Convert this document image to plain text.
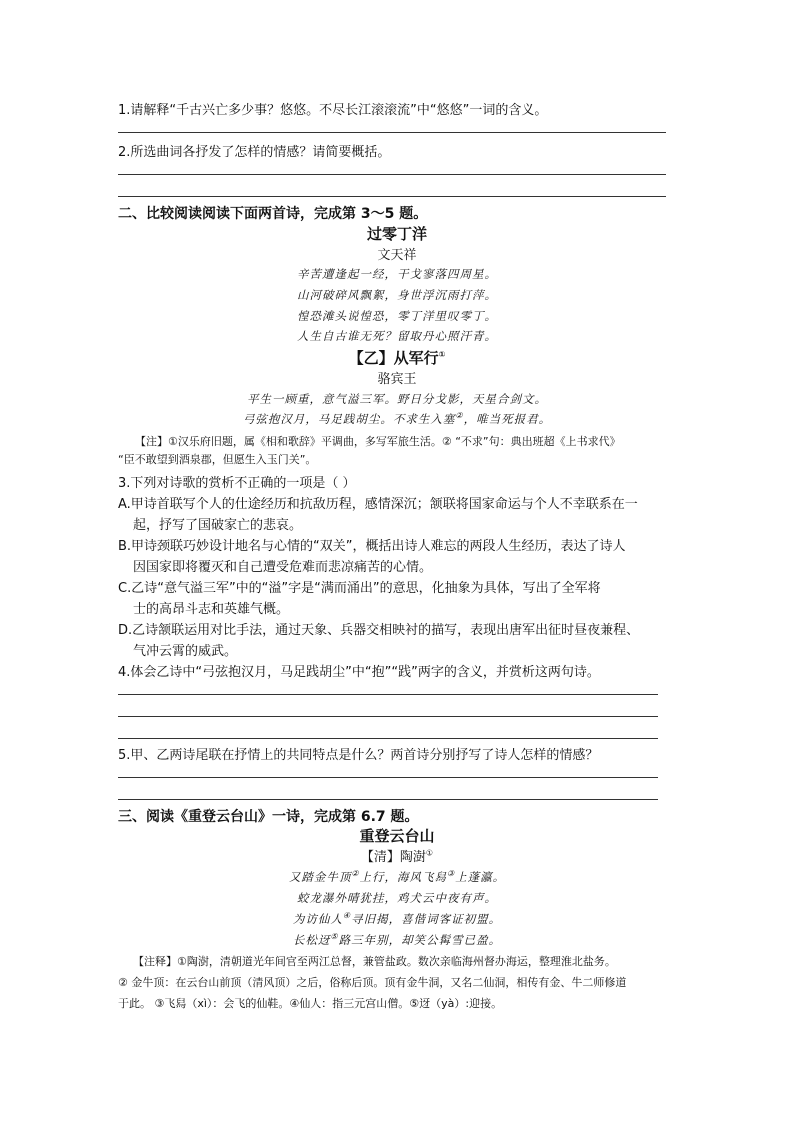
1.请解释“千古兴亡多少事？悠悠。不尽长江滚滚流”中“悠悠”一词的含义。
2.所选曲词各抒发了怎样的情感？请简要概括。
二、比较阅读阅读下面两首诗，完成第 3～5 题。
过零丁洋
文天祥
辛苦遭逢起一经，干戈寥落四周星。
山河破碎风飘絮，身世浮沉雨打萍。
惶恐滩头说惶恐，零丁洋里叹零丁。
人生自古谁无死？留取丹心照汗青。
【乙】从军行①
骆宾王
平生一顾重，意气溢三军。野日分戈影，天星合剑文。
弓弦抱汉月，马足践胡尘。不求生入塞②，唯当死报君。
【注】①汉乐府旧题，属《相和歌辞》平调曲，多写军旅生活。② “不求”句：典出班超《上书求代》
“臣不敢望到酒泉郡，但愿生入玉门关”。
3.下列对诗歌的赏析不正确的一项是（ ）
A.甲诗首联写个人的仕途经历和抗敌历程，感情深沉；颔联将国家命运与个人不幸联系在一
起，抒写了国破家亡的悲哀。
B.甲诗颈联巧妙设计地名与心情的“双关”，概括出诗人难忘的两段人生经历，表达了诗人
因国家即将覆灭和自己遭受危难而悲凉痛苦的心情。
C.乙诗“意气溢三军”中的“溢”字是“满而涌出”的意思，化抽象为具体，写出了全军将
士的高昂斗志和英雄气概。
D.乙诗颔联运用对比手法，通过天象、兵器交相映衬的描写，表现出唐军出征时昼夜兼程、
气冲云霄的威武。
4.体会乙诗中“弓弦抱汉月，马足践胡尘”中“抱”“践”两字的含义，并赏析这两句诗。
5.甲、乙两诗尾联在抒情上的共同特点是什么？两首诗分别抒写了诗人怎样的情感？
三、阅读《重登云台山》一诗，完成第 6.7 题。
重登云台山
【清】陶澍①
又踏金牛顶②上行，海风飞舄③上蓬瀛。
蛟龙瀑外晴犹挂，鸡犬云中夜有声。
为访仙人④寻旧揭，喜偕词客证初盟。
长松迓⑤路三年别，却笑公髯雪已盈。
【注释】①陶澍，清朝道光年间官至两江总督，兼管盐政。数次亲临海州督办海运，整理淮北盐务。
② 金牛顶：在云台山前顶（清风顶）之后，俗称后顶。顶有金牛洞，又名二仙洞，相传有金、牛二师修道
于此。 ③飞舄（xì）：会飞的仙鞋。④仙人：指三元宫山僧。⑤迓（yà）:迎接。
